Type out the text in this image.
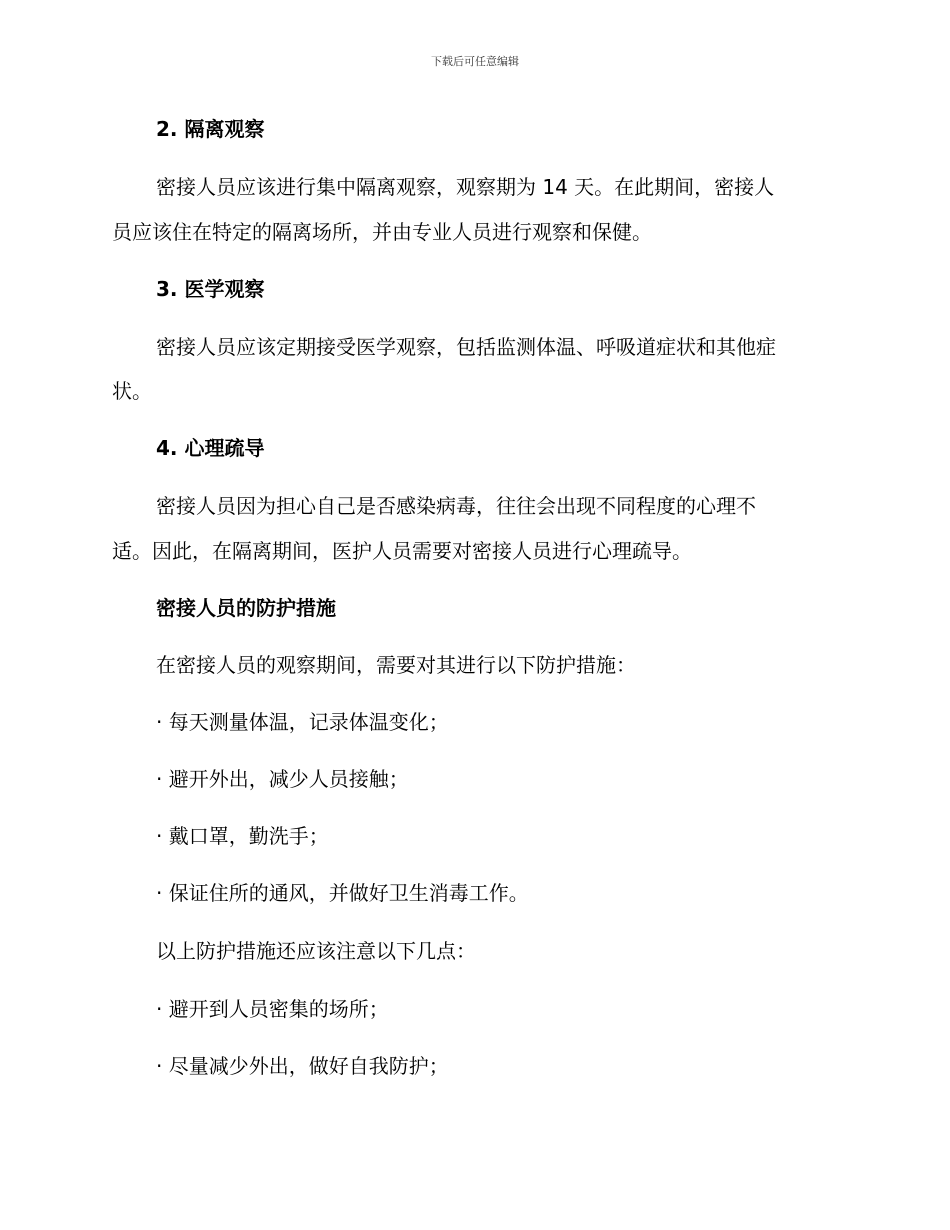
下载后可任意编辑
2. 隔离观察
密接人员应该进行集中隔离观察，观察期为 14 天。在此期间，密接人
员应该住在特定的隔离场所，并由专业人员进行观察和保健。
3. 医学观察
密接人员应该定期接受医学观察，包括监测体温、呼吸道症状和其他症
状。
4. 心理疏导
密接人员因为担心自己是否感染病毒，往往会出现不同程度的心理不
适。因此，在隔离期间，医护人员需要对密接人员进行心理疏导。
密接人员的防护措施
在密接人员的观察期间，需要对其进行以下防护措施：
· 每天测量体温，记录体温变化；
· 避开外出，减少人员接触；
· 戴口罩，勤洗手；
· 保证住所的通风，并做好卫生消毒工作。
以上防护措施还应该注意以下几点：
· 避开到人员密集的场所；
· 尽量减少外出，做好自我防护；
